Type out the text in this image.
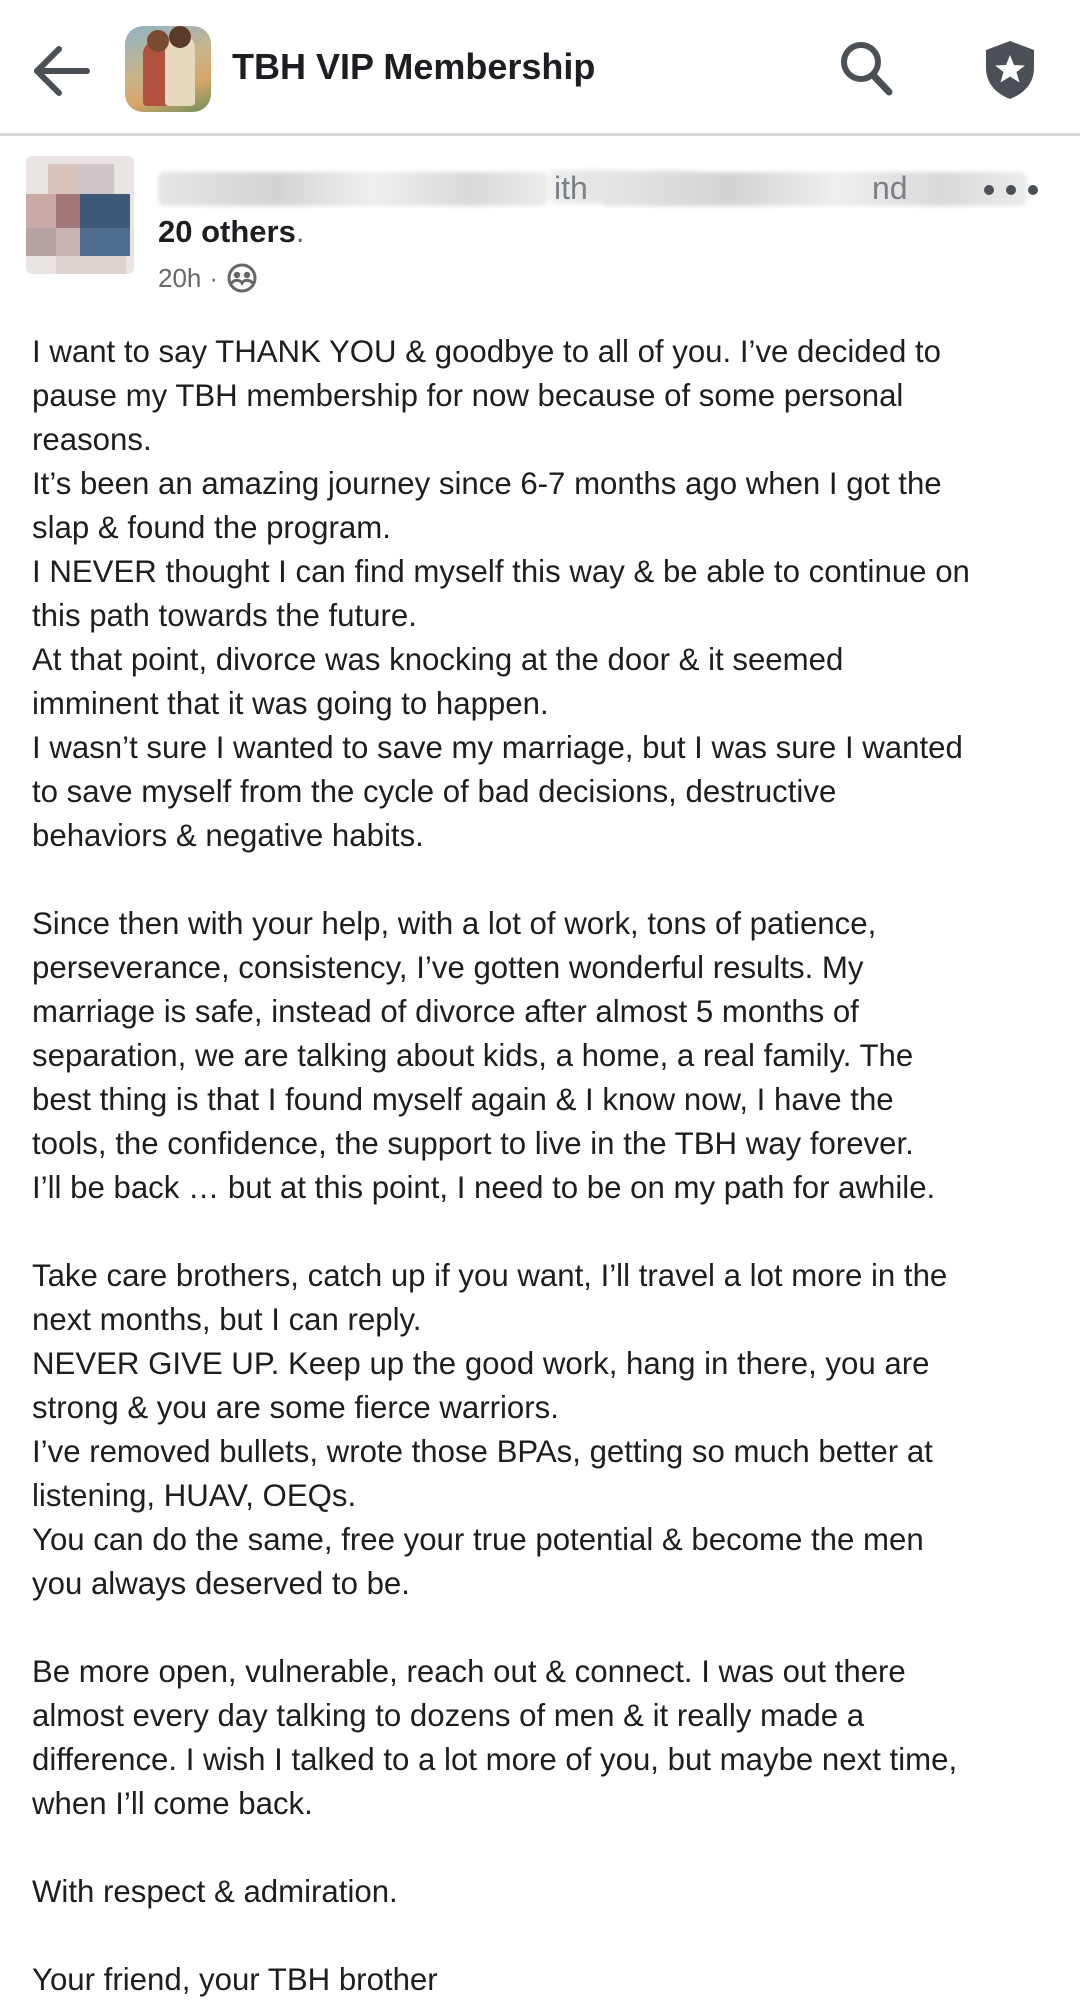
TBH VIP Membership
ith	nd
20 others.
20h ·

I want to say THANK YOU & goodbye to all of you. I’ve decided to

pause my TBH membership for now because of some personal

reasons.

It’s been an amazing journey since 6-7 months ago when I got the

slap & found the program.

I NEVER thought I can find myself this way & be able to continue on

this path towards the future.

At that point, divorce was knocking at the door & it seemed

imminent that it was going to happen.

I wasn’t sure I wanted to save my marriage, but I was sure I wanted

to save myself from the cycle of bad decisions, destructive

behaviors & negative habits.

Since then with your help, with a lot of work, tons of patience,

perseverance, consistency, I’ve gotten wonderful results. My

marriage is safe, instead of divorce after almost 5 months of

separation, we are talking about kids, a home, a real family. The

best thing is that I found myself again & I know now, I have the

tools, the confidence, the support to live in the TBH way forever.

I’ll be back … but at this point, I need to be on my path for awhile.

Take care brothers, catch up if you want, I’ll travel a lot more in the

next months, but I can reply.

NEVER GIVE UP. Keep up the good work, hang in there, you are

strong & you are some fierce warriors.

I’ve removed bullets, wrote those BPAs, getting so much better at

listening, HUAV, OEQs.

You can do the same, free your true potential & become the men

you always deserved to be.

Be more open, vulnerable, reach out & connect. I was out there

almost every day talking to dozens of men & it really made a

difference. I wish I talked to a lot more of you, but maybe next time,

when I’ll come back.

With respect & admiration.

Your friend, your TBH brother
